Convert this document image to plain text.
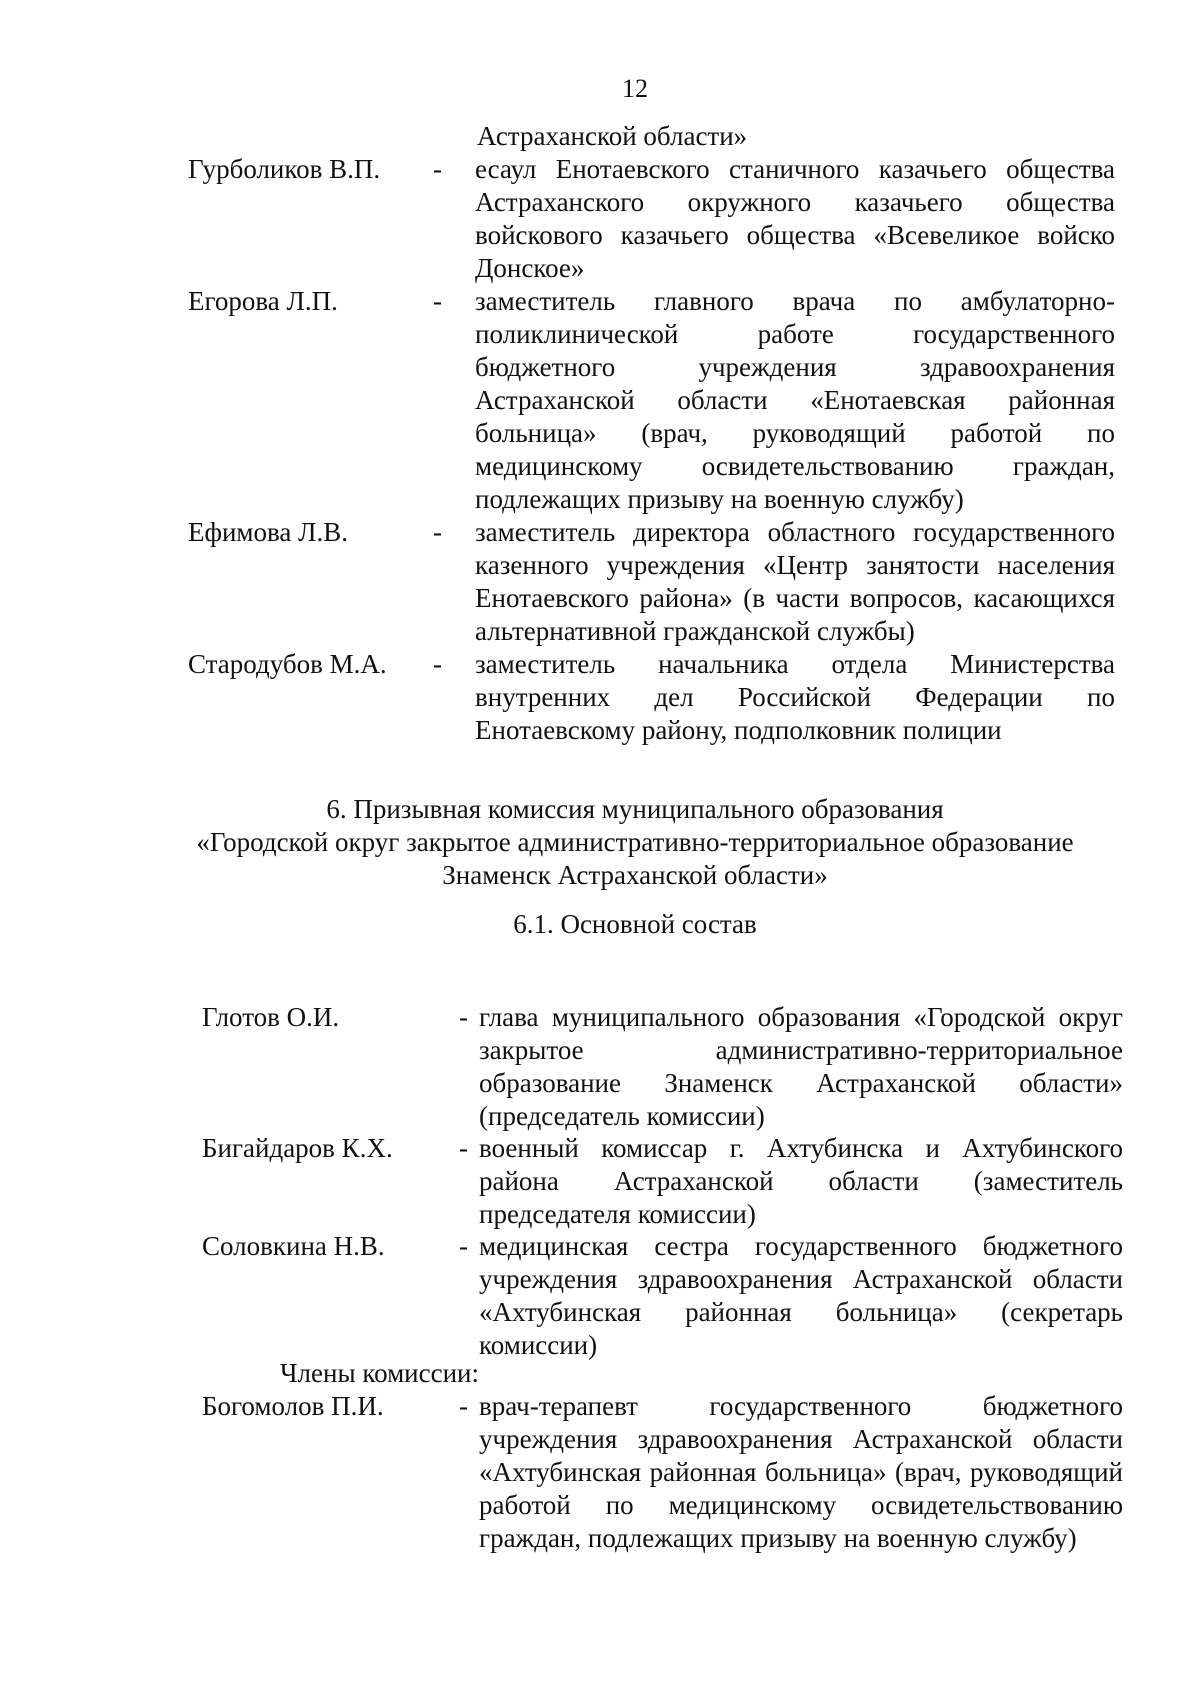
12
Астраханской области»
Гурболиков В.П. - есаул Енотаевского станичного казачьего общества Астраханского окружного казачьего общества войскового казачьего общества «Всевеликое войско Донское»
Егорова Л.П.	- заместитель главного врача по амбулаторно-поликлинической работе государственного бюджетного учреждения здравоохранения Астраханской области «Енотаевская районная больница» (врач, руководящий работой по медицинскому освидетельствованию граждан, подлежащих призыву на военную службу)
Ефимова Л.В.	- заместитель директора областного государственного казенного учреждения «Центр занятости населения Енотаевского района» (в части вопросов, касающихся альтернативной гражданской службы)
Стародубов М.А. - заместитель начальника отдела Министерства внутренних дел Российской Федерации по Енотаевскому району, подполковник полиции
6. Призывная комиссия муниципального образования
«Городской округ закрытое административно-территориальное образование
Знаменск Астраханской области»
6.1. Основной состав
Глотов О.И.	- глава муниципального образования «Городской округ закрытое административно-территориальное образование Знаменск Астраханской области» (председатель комиссии)
Бигайдаров К.Х. - военный комиссар г. Ахтубинска и Ахтубинского района Астраханской области (заместитель председателя комиссии)
Соловкина Н.В.	- медицинская сестра государственного бюджетного учреждения здравоохранения Астраханской области «Ахтубинская районная больница» (секретарь комиссии)
Члены комиссии:
Богомолов П.И.	- врач-терапевт государственного бюджетного учреждения здравоохранения Астраханской области «Ахтубинская районная больница» (врач, руководящий работой по медицинскому освидетельствованию граждан, подлежащих призыву на военную службу)
